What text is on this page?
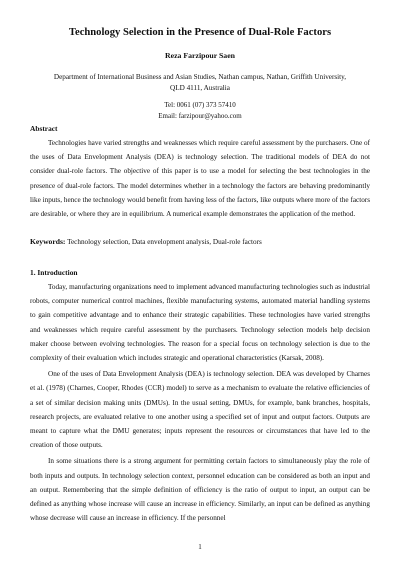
Technology Selection in the Presence of Dual-Role Factors
Reza Farzipour Saen
Department of International Business and Asian Studies, Nathan campus, Nathan, Griffith University,
QLD 4111, Australia
Tel: 0061 (07) 373 57410
Email: farzipour@yahoo.com
Abstract
Technologies have varied strengths and weaknesses which require careful assessment by the purchasers. One of the uses of Data Envelopment Analysis (DEA) is technology selection. The traditional models of DEA do not consider dual-role factors. The objective of this paper is to use a model for selecting the best technologies in the presence of dual-role factors. The model determines whether in a technology the factors are behaving predominantly like inputs, hence the technology would benefit from having less of the factors, like outputs where more of the factors are desirable, or where they are in equilibrium. A numerical example demonstrates the application of the method.
Keywords: Technology selection, Data envelopment analysis, Dual-role factors
1. Introduction

Today, manufacturing organizations need to implement advanced manufacturing technologies such as industrial robots, computer numerical control machines, flexible manufacturing systems, automated material handling systems to gain competitive advantage and to enhance their strategic capabilities. These technologies have varied strengths and weaknesses which require careful assessment by the purchasers. Technology selection models help decision maker choose between evolving technologies. The reason for a special focus on technology selection is due to the complexity of their evaluation which includes strategic and operational characteristics (Karsak, 2008).

One of the uses of Data Envelopment Analysis (DEA) is technology selection. DEA was developed by Charnes et al. (1978) (Charnes, Cooper, Rhodes (CCR) model) to serve as a mechanism to evaluate the relative efficiencies of a set of similar decision making units (DMUs). In the usual setting, DMUs, for example, bank branches, hospitals, research projects, are evaluated relative to one another using a specified set of input and output factors. Outputs are meant to capture what the DMU generates; inputs represent the resources or circumstances that have led to the creation of those outputs.

In some situations there is a strong argument for permitting certain factors to simultaneously play the role of both inputs and outputs. In technology selection context, personnel education can be considered as both an input and an output. Remembering that the simple definition of efficiency is the ratio of output to input, an output can be defined as anything whose increase will cause an increase in efficiency. Similarly, an input can be defined as anything whose decrease will cause an increase in efficiency. If the personnel

1
